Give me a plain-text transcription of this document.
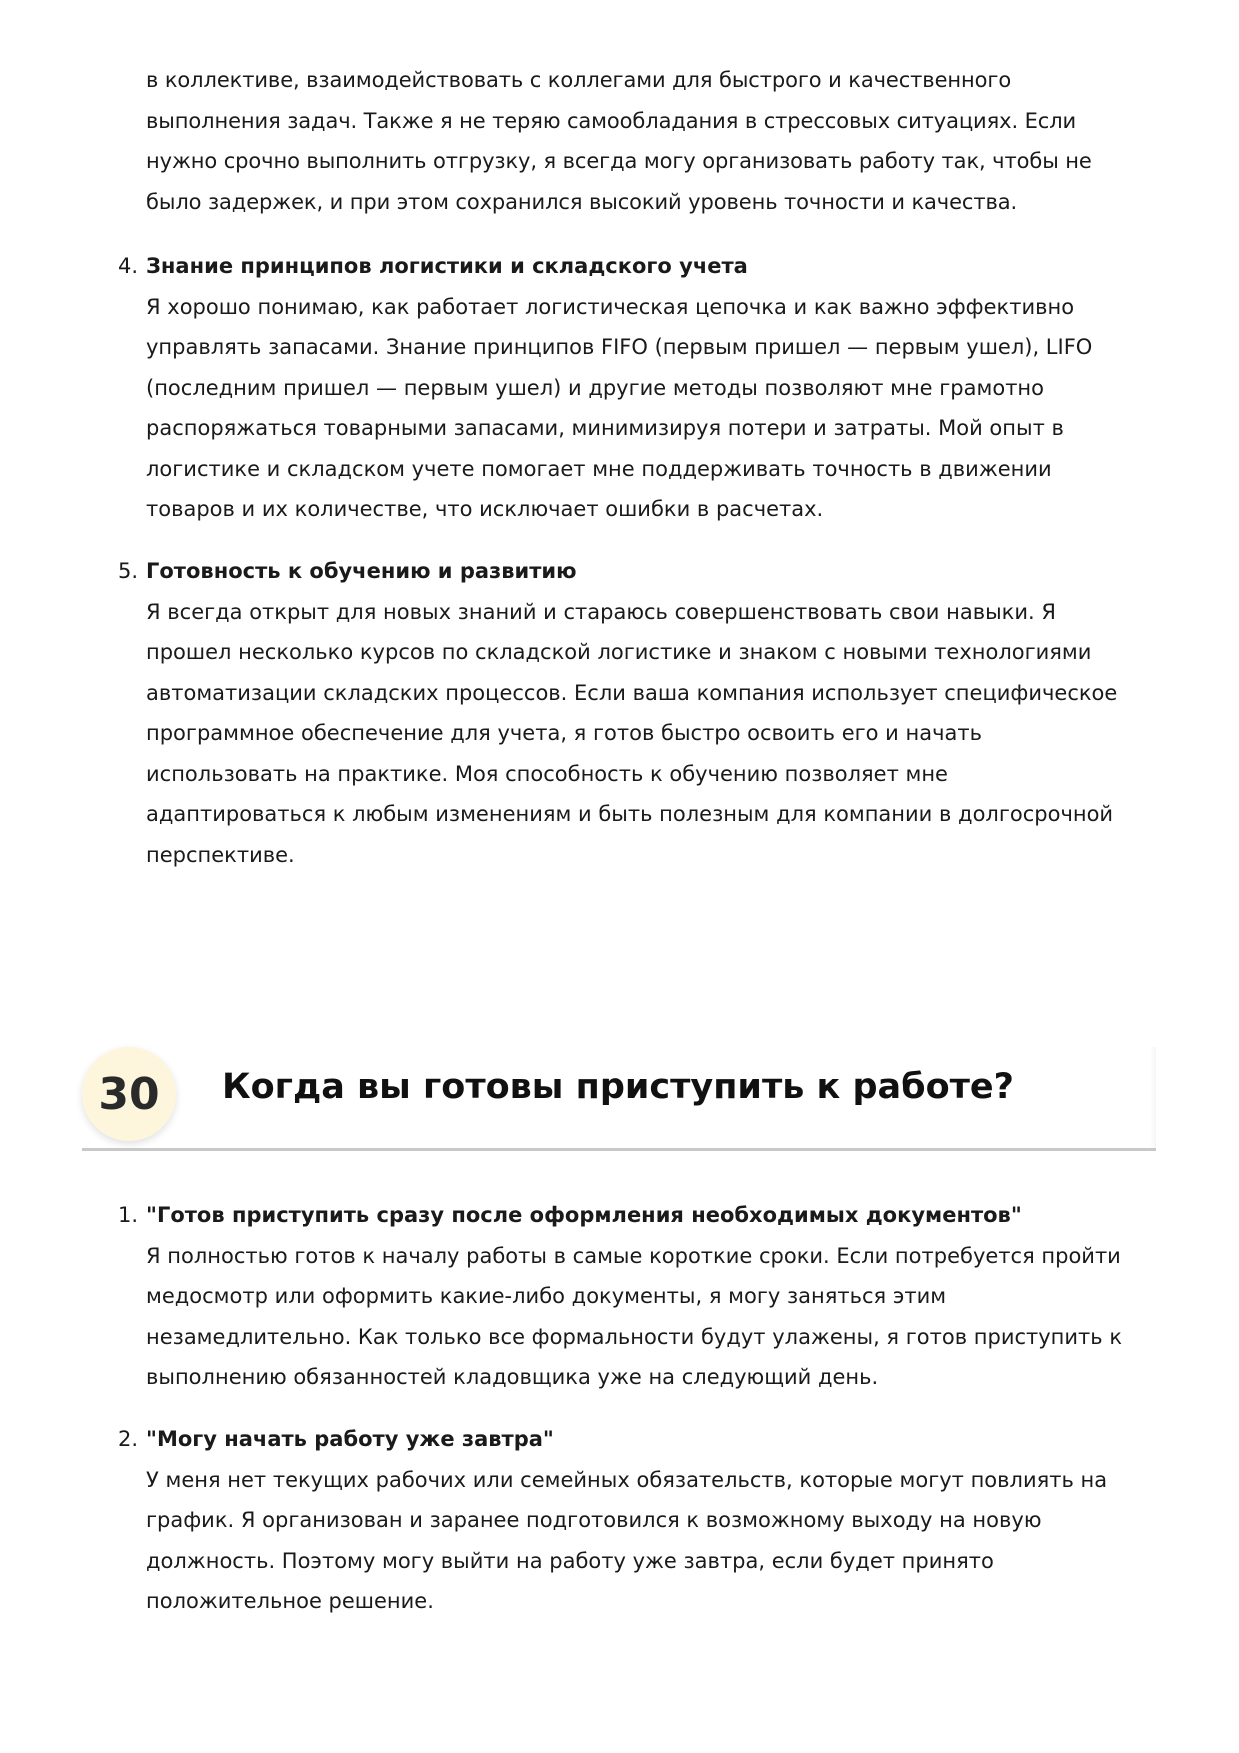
в коллективе, взаимодействовать с коллегами для быстрого и качественного
выполнения задач. Также я не теряю самообладания в стрессовых ситуациях. Если
нужно срочно выполнить отгрузку, я всегда могу организовать работу так, чтобы не
было задержек, и при этом сохранился высокий уровень точности и качества.
4. Знание принципов логистики и складского учета
Я хорошо понимаю, как работает логистическая цепочка и как важно эффективно
управлять запасами. Знание принципов FIFO (первым пришел — первым ушел), LIFO
(последним пришел — первым ушел) и другие методы позволяют мне грамотно
распоряжаться товарными запасами, минимизируя потери и затраты. Мой опыт в
логистике и складском учете помогает мне поддерживать точность в движении
товаров и их количестве, что исключает ошибки в расчетах.
5. Готовность к обучению и развитию
Я всегда открыт для новых знаний и стараюсь совершенствовать свои навыки. Я
прошел несколько курсов по складской логистике и знаком с новыми технологиями
автоматизации складских процессов. Если ваша компания использует специфическое
программное обеспечение для учета, я готов быстро освоить его и начать
использовать на практике. Моя способность к обучению позволяет мне
адаптироваться к любым изменениям и быть полезным для компании в долгосрочной
перспективе.
30	Когда вы готовы приступить к работе?
1. "Готов приступить сразу после оформления необходимых документов"
Я полностью готов к началу работы в самые короткие сроки. Если потребуется пройти
медосмотр или оформить какие-либо документы, я могу заняться этим
незамедлительно. Как только все формальности будут улажены, я готов приступить к
выполнению обязанностей кладовщика уже на следующий день.
2. "Могу начать работу уже завтра"
У меня нет текущих рабочих или семейных обязательств, которые могут повлиять на
график. Я организован и заранее подготовился к возможному выходу на новую
должность. Поэтому могу выйти на работу уже завтра, если будет принято
положительное решение.
